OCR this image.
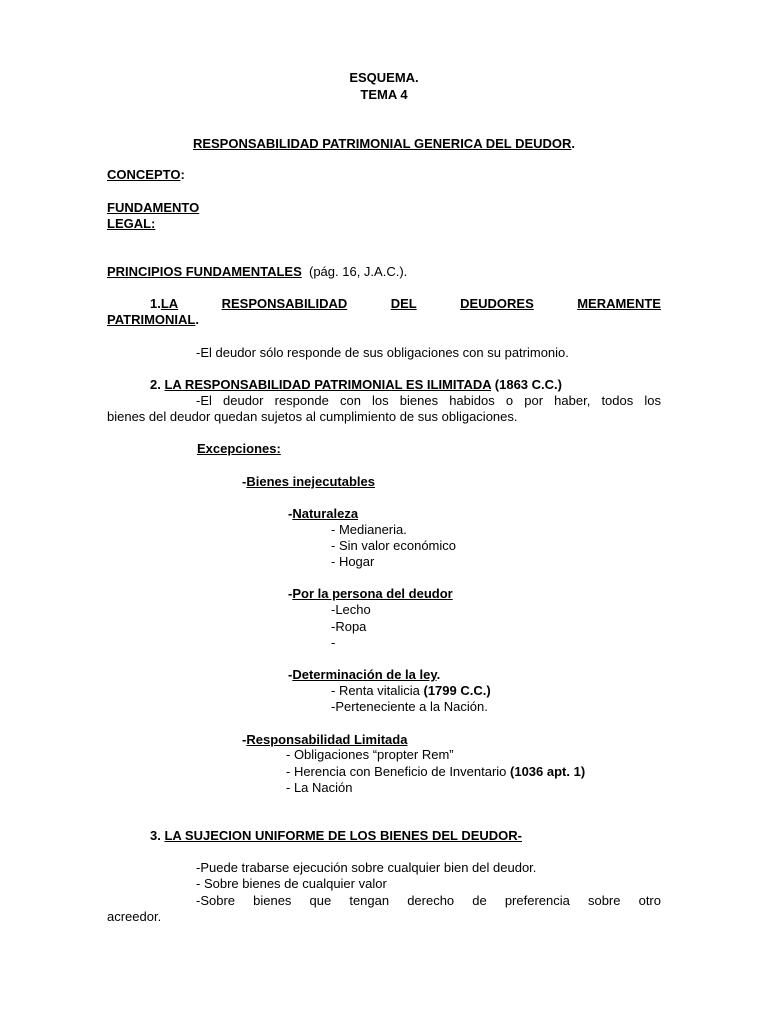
ESQUEMA.
TEMA 4
RESPONSABILIDAD PATRIMONIAL GENERICA DEL DEUDOR.
CONCEPTO:
FUNDAMENTO
LEGAL:
PRINCIPIOS FUNDAMENTALES (pág. 16, J.A.C.).
1.LA	RESPONSABILIDAD	DEL	DEUDORES	MERAMENTE
PATRIMONIAL.
-El deudor sólo responde de sus obligaciones con su patrimonio.
2. LA RESPONSABILIDAD PATRIMONIAL ES ILIMITADA (1863 C.C.)
-El deudor responde con los bienes habidos o por haber, todos los
bienes del deudor quedan sujetos al cumplimiento de sus obligaciones.
Excepciones:
-Bienes inejecutables
-Naturaleza
- Medianeria.
- Sin valor económico
- Hogar
-Por la persona del deudor
-Lecho
-Ropa
-
-Determinación de la ley.
- Renta vitalicia (1799 C.C.)
-Perteneciente a la Nación.
-Responsabilidad Limitada
- Obligaciones “propter Rem”
- Herencia con Beneficio de Inventario (1036 apt. 1)
- La Nación
3. LA SUJECION UNIFORME DE LOS BIENES DEL DEUDOR-
-Puede trabarse ejecución sobre cualquier bien del deudor.
- Sobre bienes de cualquier valor
-Sobre bienes que tengan derecho de preferencia sobre otro
acreedor.
